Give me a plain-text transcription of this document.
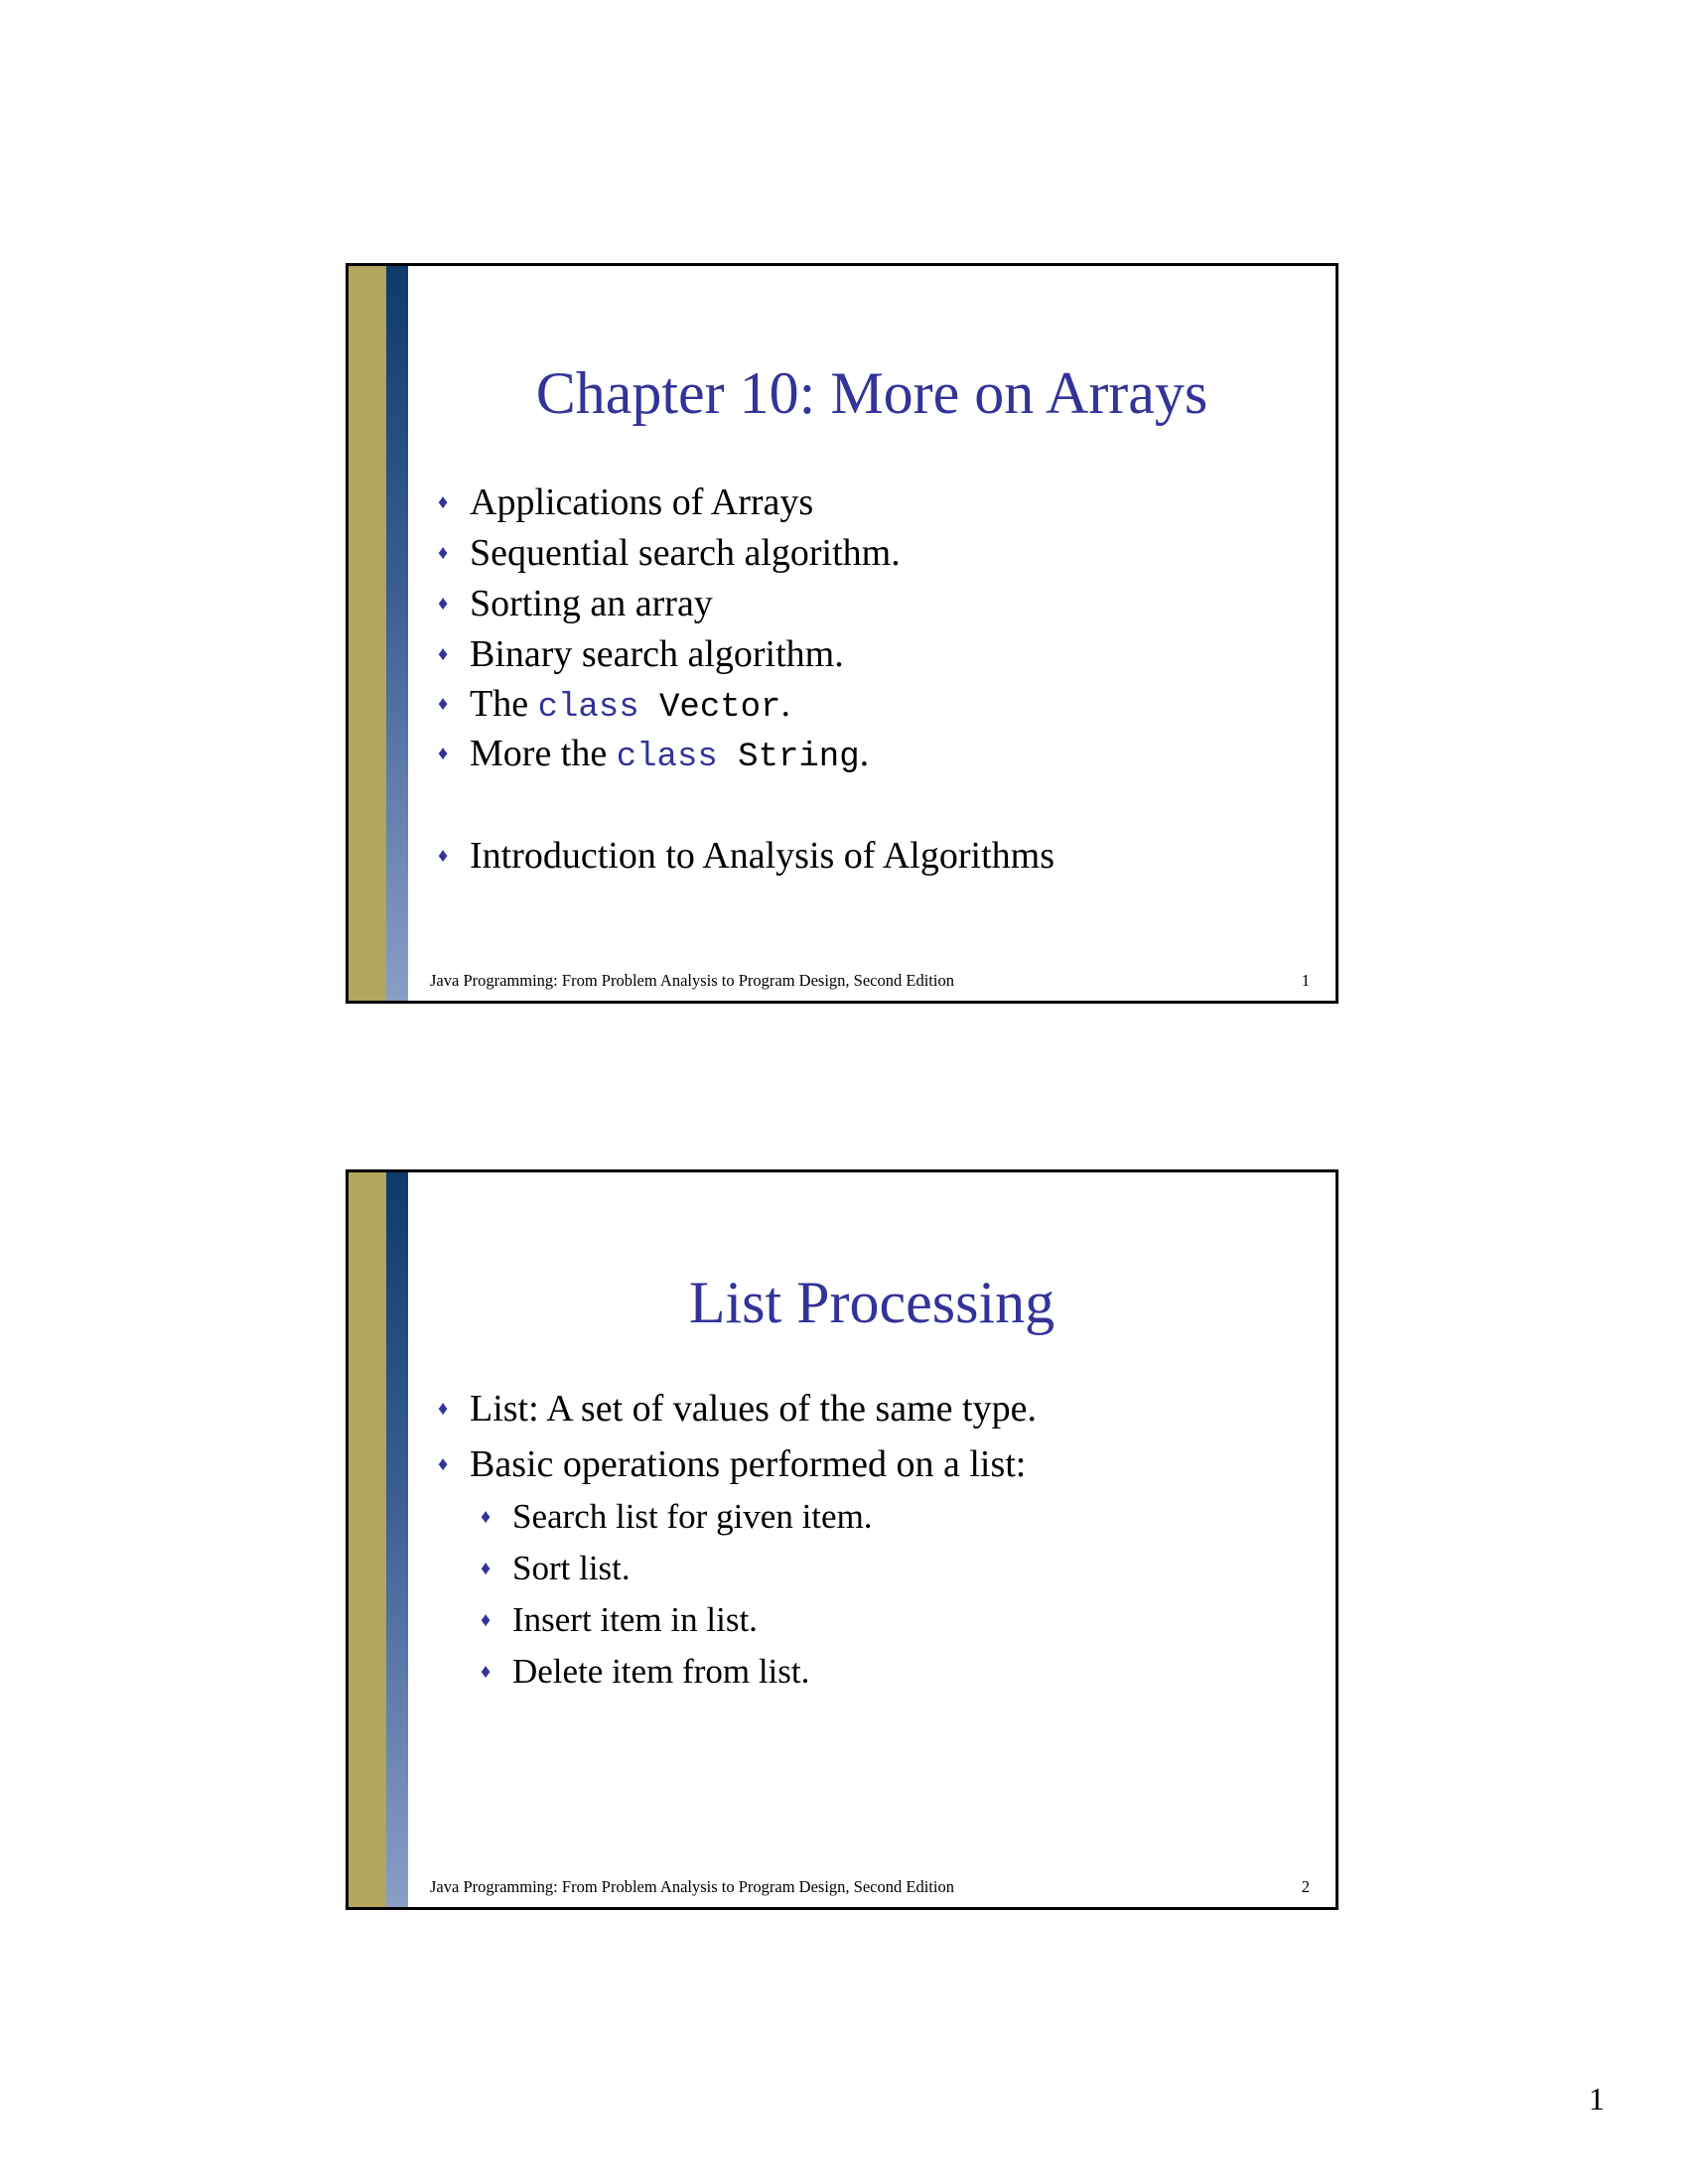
Chapter 10: More on Arrays
♦ Applications of Arrays
♦ Sequential search algorithm.
♦ Sorting an array
♦ Binary search algorithm.
♦ The class Vector.
♦ More the class String.
♦ Introduction to Analysis of Algorithms
Java Programming: From Problem Analysis to Program Design, Second Edition	1
List Processing
♦ List: A set of values of the same type.
♦ Basic operations performed on a list:
♦ Search list for given item.
♦ Sort list.
♦ Insert item in list.
♦ Delete item from list.
Java Programming: From Problem Analysis to Program Design, Second Edition	2
1
